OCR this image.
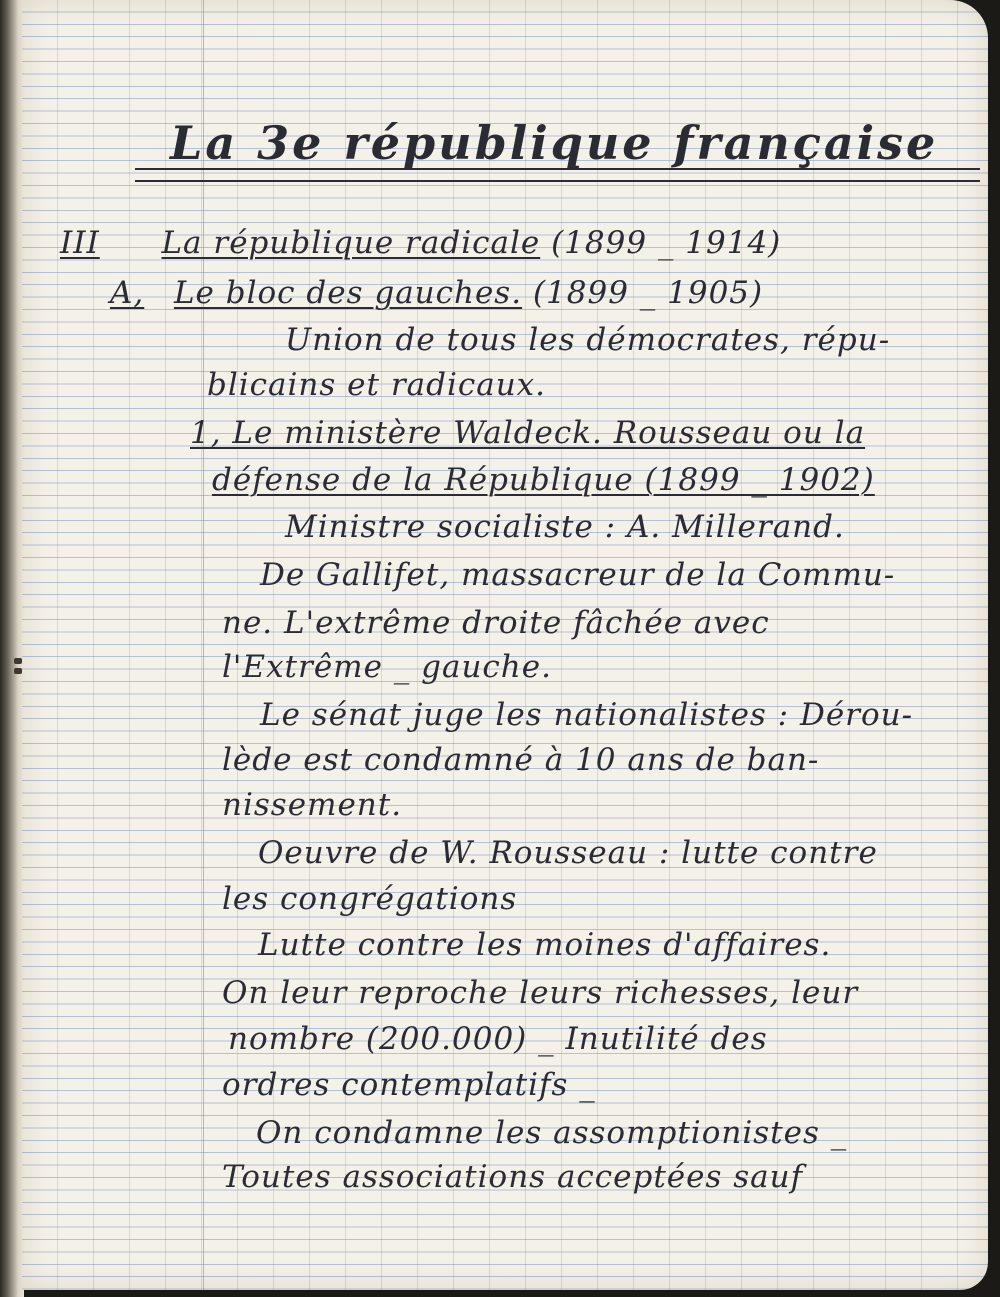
La 3e république française
III La république radicale (1899 _ 1914)
A, Le bloc des gauches. (1899 _ 1905)
Union de tous les démocrates, répu-
blicains et radicaux.
1, Le ministère Waldeck. Rousseau ou la
défense de la République (1899 _ 1902)
Ministre socialiste : A. Millerand.
De Gallifet, massacreur de la Commu-
ne. L'extrême droite fâchée avec
l'Extrême _ gauche.
Le sénat juge les nationalistes : Dérou-
lède est condamné à 10 ans de ban-
nissement.
Oeuvre de W. Rousseau : lutte contre
les congrégations
Lutte contre les moines d'affaires.
On leur reproche leurs richesses, leur
nombre (200.000) _ Inutilité des
ordres contemplatifs _
On condamne les assomptionistes _
Toutes associations acceptées sauf
